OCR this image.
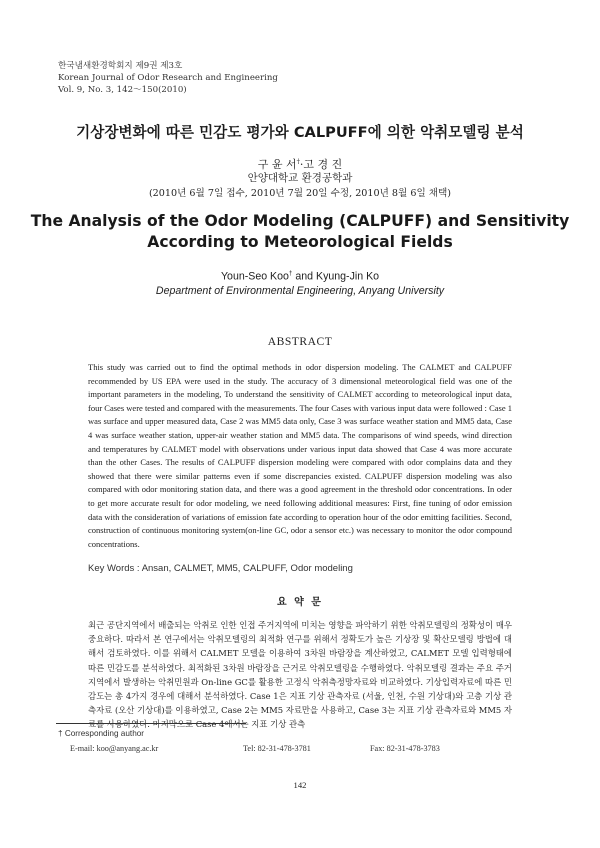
한국냄새환경학회지 제9권 제3호
Korean Journal of Odor Research and Engineering
Vol. 9, No. 3, 142～150(2010)
기상장변화에 따른 민감도 평가와 CALPUFF에 의한 악취모델링 분석
구 윤 서†·고 경 진
안양대학교 환경공학과
(2010년 6월 7일 접수, 2010년 7월 20일 수정, 2010년 8월 6일 채택)
The Analysis of the Odor Modeling (CALPUFF) and Sensitivity
According to Meteorological Fields
Youn-Seo Koo† and Kyung-Jin Ko
Department of Environmental Engineering, Anyang University
ABSTRACT
This study was carried out to find the optimal methods in odor dispersion modeling. The CALMET and CALPUFF recommended by US EPA were used in the study. The accuracy of 3 dimensional meteorological field was one of the important parameters in the modeling, To understand the sensitivity of CALMET according to meteorological input data, four Cases were tested and compared with the measurements. The four Cases with various input data were followed : Case 1 was surface and upper measured data, Case 2 was MM5 data only, Case 3 was surface weather station and MM5 data, Case 4 was surface weather station, upper-air weather station and MM5 data. The comparisons of wind speeds, wind direction and temperatures by CALMET model with observations under various input data showed that Case 4 was more accurate than the other Cases. The results of CALPUFF dispersion modeling were compared with odor complains data and they showed that there were similar patterns even if some discrepancies existed. CALPUFF dispersion modeling was also compared with odor monitoring station data, and there was a good agreement in the threshold odor concentrations. In oder to get more accurate result for odor modeling, we need following additional measures: First, fine tuning of odor emission data with the consideration of variations of emission fate according to operation hour of the odor emitting facilities. Second, construction of continuous monitoring system(on-line GC, odor a sensor etc.) was necessary to monitor the odor compound concentrations.
Key Words : Ansan, CALMET, MM5, CALPUFF, Odor modeling
요 약 문
최근 공단지역에서 배출되는 악취로 인한 인접 주거지역에 미치는 영향을 파악하기 위한 악취모델링의 정확성이 매우 중요하다. 따라서 본 연구에서는 악취모델링의 최적화 연구를 위해서 정확도가 높은 기상장 및 확산모델링 방법에 대해서 검토하였다. 이를 위해서 CALMET 모델을 이용하여 3차원 바람장을 계산하였고, CALMET 모델 입력형태에 따른 민감도를 분석하였다. 최적화된 3차원 바람장을 근거로 악취모델링을 수행하였다. 악취모델링 결과는 주요 주거지역에서 발생하는 악취민원과 On-line GC를 활용한 고정식 악취측정망자료와 비교하였다. 기상입력자료에 따른 민감도는 총 4가지 경우에 대해서 분석하였다. Case 1은 지표 기상 관측자료 (서울, 인천, 수원 기상대)와 고층 기상 관측자료 (오산 기상대)를 이용하였고, Case 2는 MM5 자료만을 사용하고, Case 3는 지표 기상 관측자료와 MM5 자료를 사용하였다. 마지막으로 Case 4에서는 지표 기상 관측
† Corresponding author
E-mail: koo@anyang.ac.kr	Tel: 82-31-478-3781	Fax: 82-31-478-3783
142
